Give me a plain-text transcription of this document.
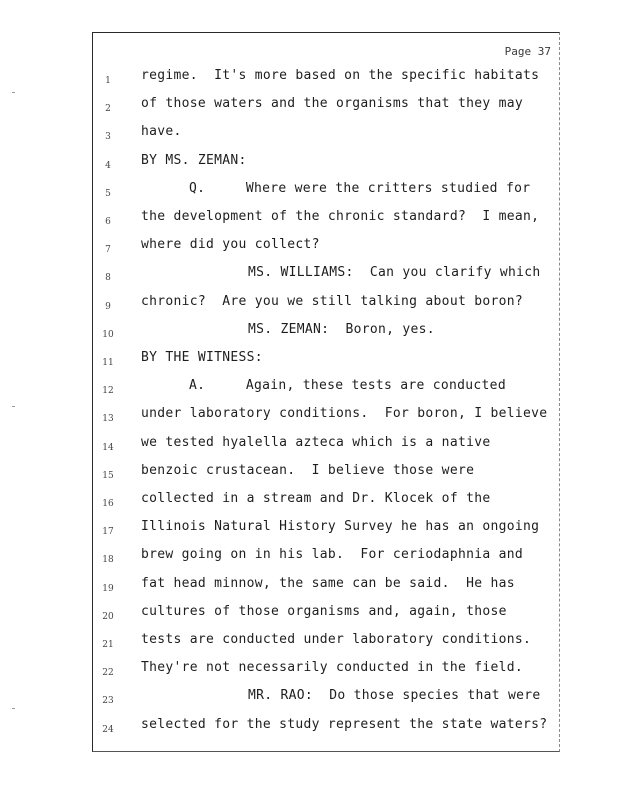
Page 37
1
2
3
4
5
6
7
8
9
10
11
12
13
14
15
16
17
18
19
20
21
22
23
24
regime.  It's more based on the specific habitats
of those waters and the organisms that they may
have.
BY MS. ZEMAN:
Q.     Where were the critters studied for
the development of the chronic standard?  I mean,
where did you collect?
MS. WILLIAMS:  Can you clarify which
chronic?  Are you we still talking about boron?
MS. ZEMAN:  Boron, yes.
BY THE WITNESS:
A.     Again, these tests are conducted
under laboratory conditions.  For boron, I believe
we tested hyalella azteca which is a native
benzoic crustacean.  I believe those were
collected in a stream and Dr. Klocek of the
Illinois Natural History Survey he has an ongoing
brew going on in his lab.  For ceriodaphnia and
fat head minnow, the same can be said.  He has
cultures of those organisms and, again, those
tests are conducted under laboratory conditions.
They're not necessarily conducted in the field.
MR. RAO:  Do those species that were
selected for the study represent the state waters?
